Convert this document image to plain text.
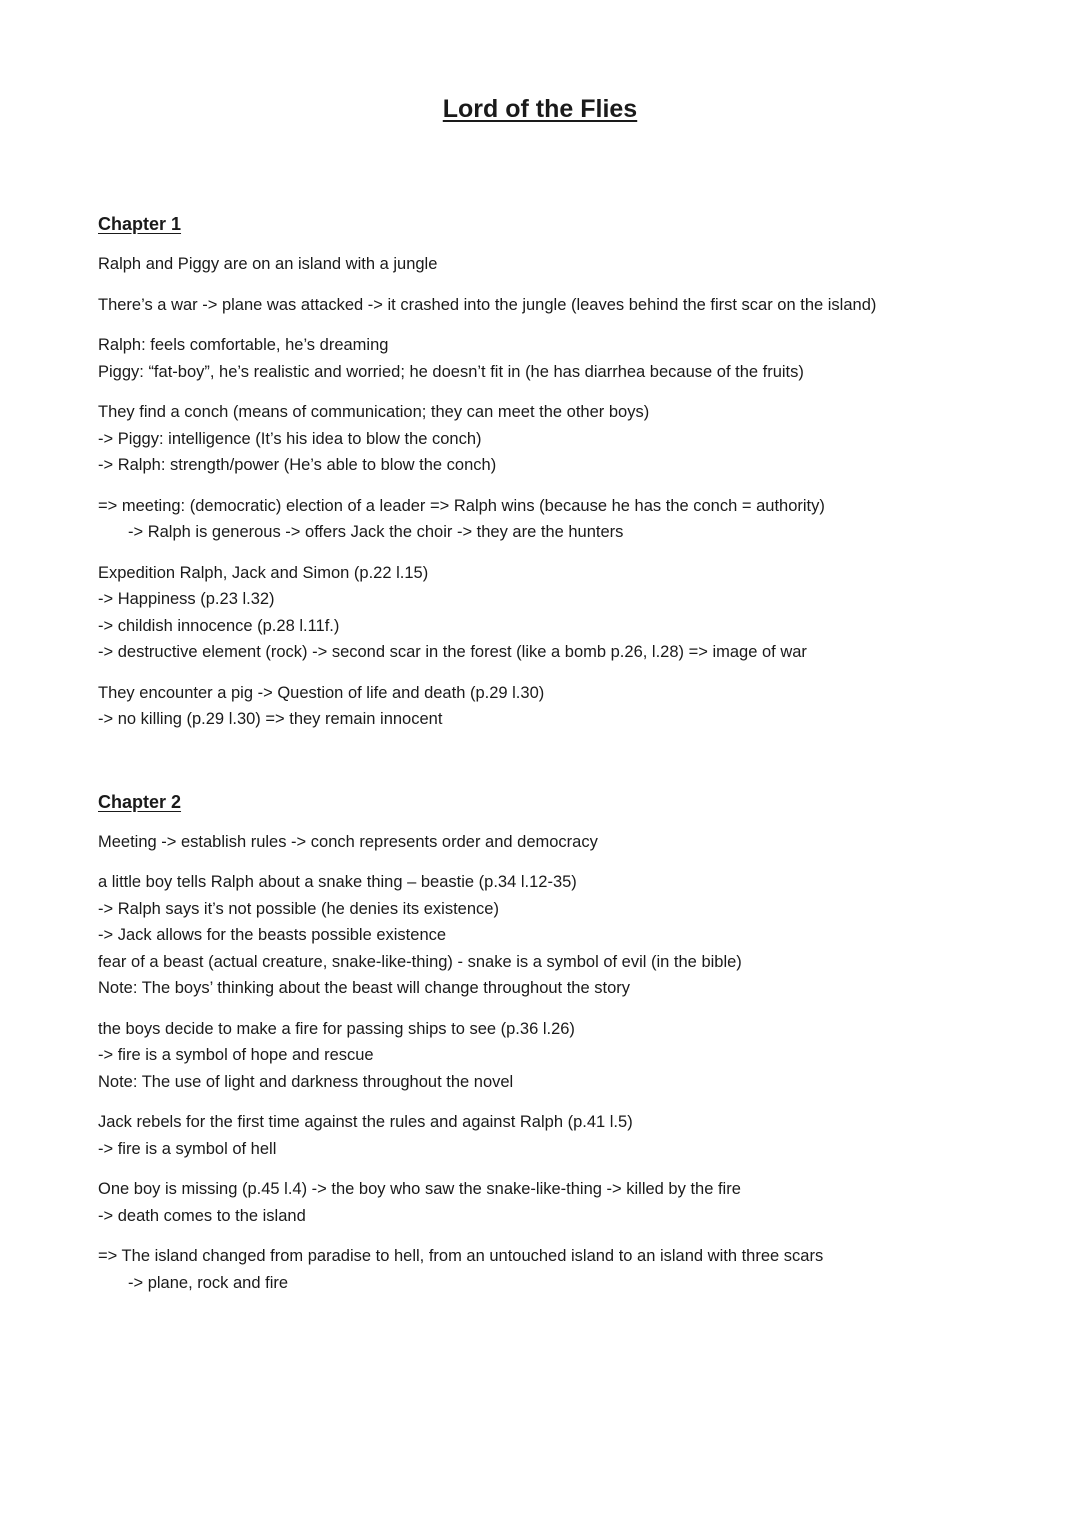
Lord of the Flies
Chapter 1
Ralph and Piggy are on an island with a jungle
There’s a war -> plane was attacked -> it crashed into the jungle (leaves behind the first scar on the island)
Ralph: feels comfortable, he’s dreaming
Piggy: “fat-boy”, he’s realistic and worried; he doesn’t fit in (he has diarrhea because of the fruits)
They find a conch (means of communication; they can meet the other boys)
-> Piggy: intelligence (It’s his idea to blow the conch)
-> Ralph: strength/power (He’s able to blow the conch)
=> meeting: (democratic) election of a leader => Ralph wins (because he has the conch = authority)
-> Ralph is generous -> offers Jack the choir -> they are the hunters
Expedition Ralph, Jack and Simon (p.22 l.15)
-> Happiness (p.23 l.32)
-> childish innocence (p.28 l.11f.)
-> destructive element (rock) -> second scar in the forest (like a bomb p.26, l.28) => image of war
They encounter a pig -> Question of life and death (p.29 l.30)
-> no killing (p.29 l.30) => they remain innocent
Chapter 2
Meeting -> establish rules -> conch represents order and democracy
a little boy tells Ralph about a snake thing – beastie (p.34 l.12-35)
-> Ralph says it’s not possible (he denies its existence)
-> Jack allows for the beasts possible existence
fear of a beast (actual creature, snake-like-thing) - snake is a symbol of evil (in the bible)
Note: The boys’ thinking about the beast will change throughout the story
the boys decide to make a fire for passing ships to see (p.36 l.26)
-> fire is a symbol of hope and rescue
Note: The use of light and darkness throughout the novel
Jack rebels for the first time against the rules and against Ralph (p.41 l.5)
-> fire is a symbol of hell
One boy is missing (p.45 l.4) -> the boy who saw the snake-like-thing -> killed by the fire
-> death comes to the island
=> The island changed from paradise to hell, from an untouched island to an island with three scars
-> plane, rock and fire
